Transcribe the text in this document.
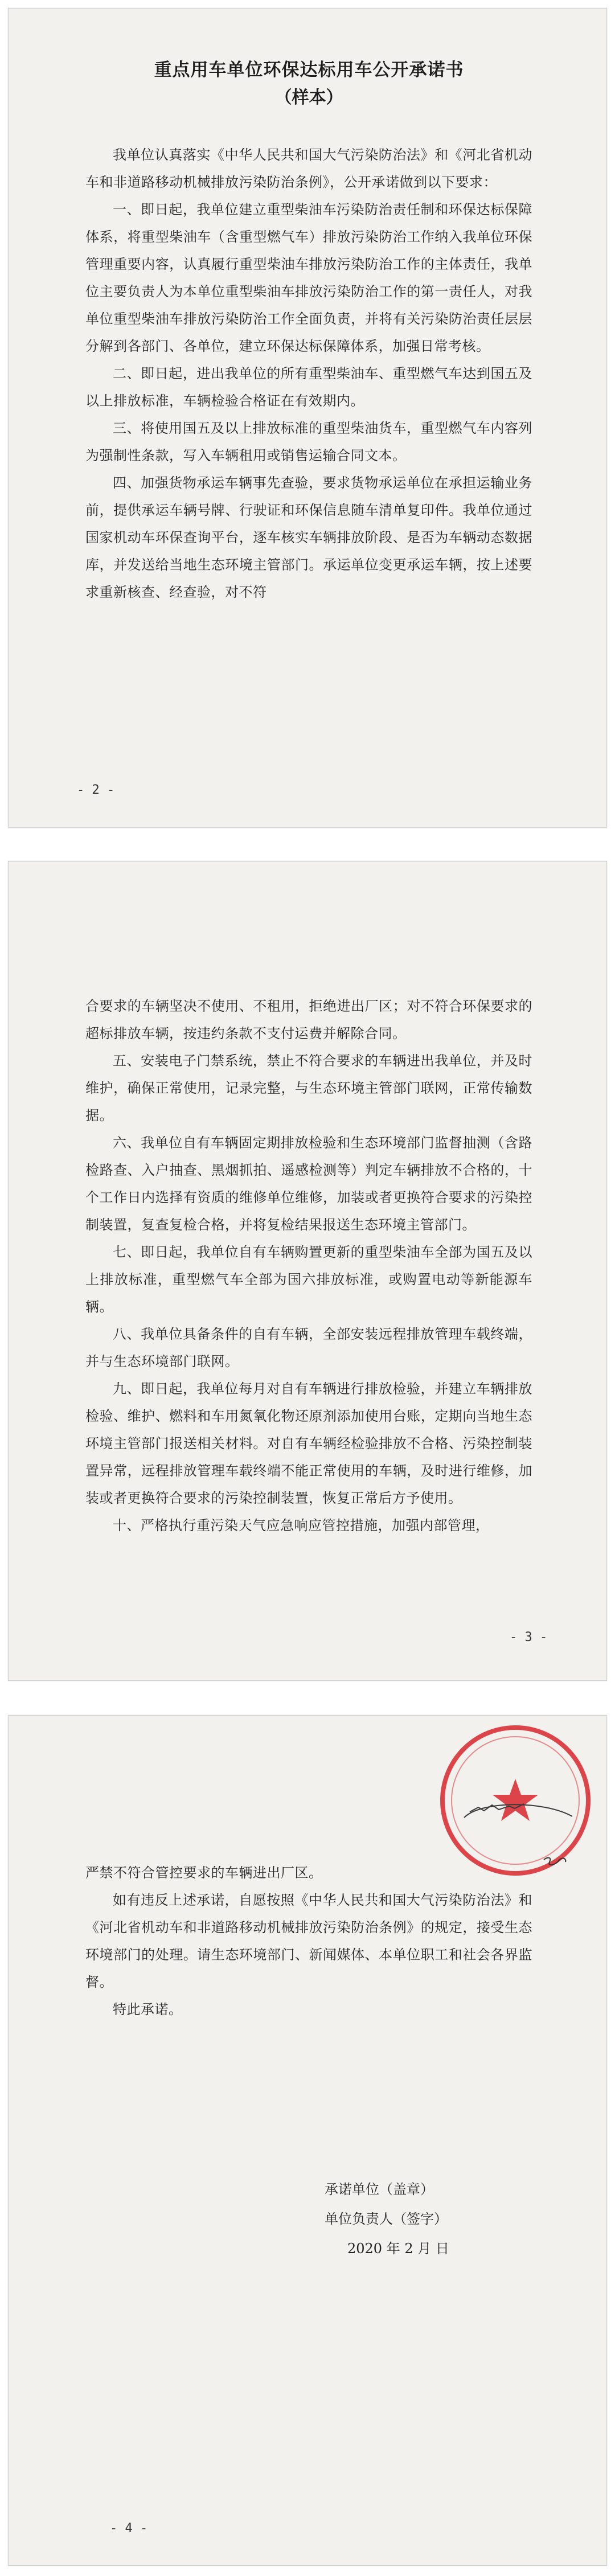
重点用车单位环保达标用车公开承诺书

（样本）

我单位认真落实《中华人民共和国大气污染防治法》和《河北省机动车和非道路移动机械排放污染防治条例》，公开承诺做到以下要求：

一、即日起，我单位建立重型柴油车污染防治责任制和环保达标保障体系，将重型柴油车（含重型燃气车）排放污染防治工作纳入我单位环保管理重要内容，认真履行重型柴油车排放污染防治工作的主体责任，我单位主要负责人为本单位重型柴油车排放污染防治工作的第一责任人，对我单位重型柴油车排放污染防治工作全面负责，并将有关污染防治责任层层分解到各部门、各单位，建立环保达标保障体系，加强日常考核。

二、即日起，进出我单位的所有重型柴油车、重型燃气车达到国五及以上排放标准，车辆检验合格证在有效期内。

三、将使用国五及以上排放标准的重型柴油货车，重型燃气车内容列为强制性条款，写入车辆租用或销售运输合同文本。

四、加强货物承运车辆事先查验，要求货物承运单位在承担运输业务前，提供承运车辆号牌、行驶证和环保信息随车清单复印件。我单位通过国家机动车环保查询平台，逐车核实车辆排放阶段、是否为车辆动态数据库，并发送给当地生态环境主管部门。承运单位变更承运车辆，按上述要求重新核查、经查验，对不符

- 2 -

合要求的车辆坚决不使用、不租用，拒绝进出厂区；对不符合环保要求的超标排放车辆，按违约条款不支付运费并解除合同。

五、安装电子门禁系统，禁止不符合要求的车辆进出我单位，并及时维护，确保正常使用，记录完整，与生态环境主管部门联网，正常传输数据。

六、我单位自有车辆固定期排放检验和生态环境部门监督抽测（含路检路查、入户抽查、黑烟抓拍、遥感检测等）判定车辆排放不合格的，十个工作日内选择有资质的维修单位维修，加装或者更换符合要求的污染控制装置，复查复检合格，并将复检结果报送生态环境主管部门。

七、即日起，我单位自有车辆购置更新的重型柴油车全部为国五及以上排放标准，重型燃气车全部为国六排放标准，或购置电动等新能源车辆。

八、我单位具备条件的自有车辆，全部安装远程排放管理车载终端，并与生态环境部门联网。

九、即日起，我单位每月对自有车辆进行排放检验，并建立车辆排放检验、维护、燃料和车用氮氧化物还原剂添加使用台账，定期向当地生态环境主管部门报送相关材料。对自有车辆经检验排放不合格、污染控制装置异常，远程排放管理车载终端不能正常使用的车辆，及时进行维修，加装或者更换符合要求的污染控制装置，恢复正常后方予使用。

十、严格执行重污染天气应急响应管控措施，加强内部管理，

- 3 -

严禁不符合管控要求的车辆进出厂区。

如有违反上述承诺，自愿按照《中华人民共和国大气污染防治法》和《河北省机动车和非道路移动机械排放污染防治条例》的规定，接受生态环境部门的处理。请生态环境部门、新闻媒体、本单位职工和社会各界监督。

特此承诺。

承诺单位（盖章）

单位负责人（签字）

2020 年 2 月 日

- 4 -
